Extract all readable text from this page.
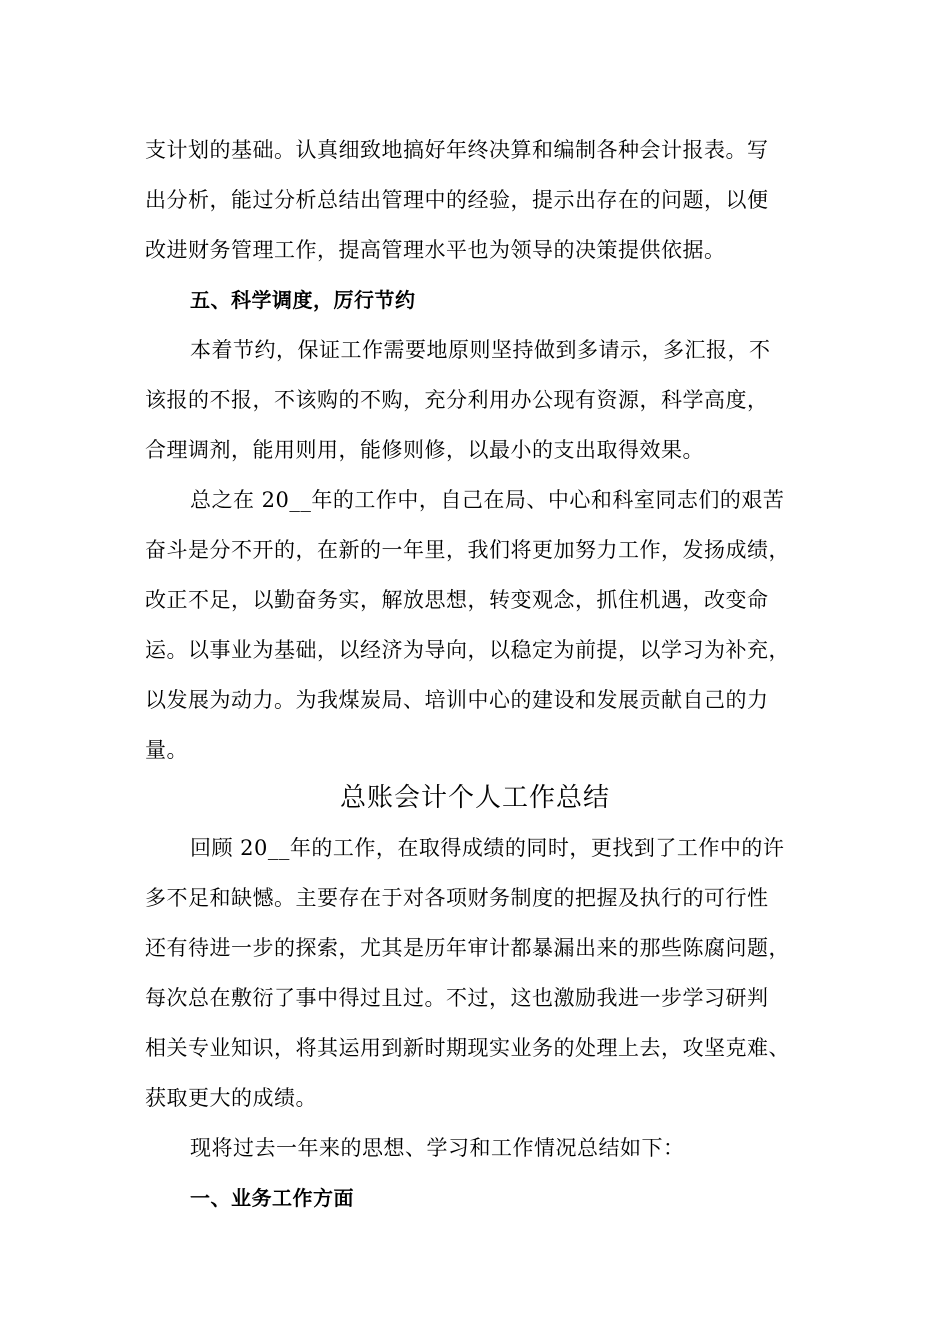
支计划的基础。认真细致地搞好年终决算和编制各种会计报表。写
出分析，能过分析总结出管理中的经验，提示出存在的问题，以便
改进财务管理工作，提高管理水平也为领导的决策提供依据。
五、科学调度，厉行节约
本着节约，保证工作需要地原则坚持做到多请示，多汇报，不
该报的不报，不该购的不购，充分利用办公现有资源，科学高度，
合理调剂，能用则用，能修则修，以最小的支出取得效果。
总之在 20__年的工作中，自己在局、中心和科室同志们的艰苦
奋斗是分不开的，在新的一年里，我们将更加努力工作，发扬成绩，
改正不足，以勤奋务实，解放思想，转变观念，抓住机遇，改变命
运。以事业为基础，以经济为导向，以稳定为前提，以学习为补充，
以发展为动力。为我煤炭局、培训中心的建设和发展贡献自己的力
量。
总账会计个人工作总结
回顾 20__年的工作，在取得成绩的同时，更找到了工作中的许
多不足和缺憾。主要存在于对各项财务制度的把握及执行的可行性
还有待进一步的探索，尤其是历年审计都暴漏出来的那些陈腐问题，
每次总在敷衍了事中得过且过。不过，这也激励我进一步学习研判
相关专业知识，将其运用到新时期现实业务的处理上去，攻坚克难、
获取更大的成绩。
现将过去一年来的思想、学习和工作情况总结如下：
一、业务工作方面
